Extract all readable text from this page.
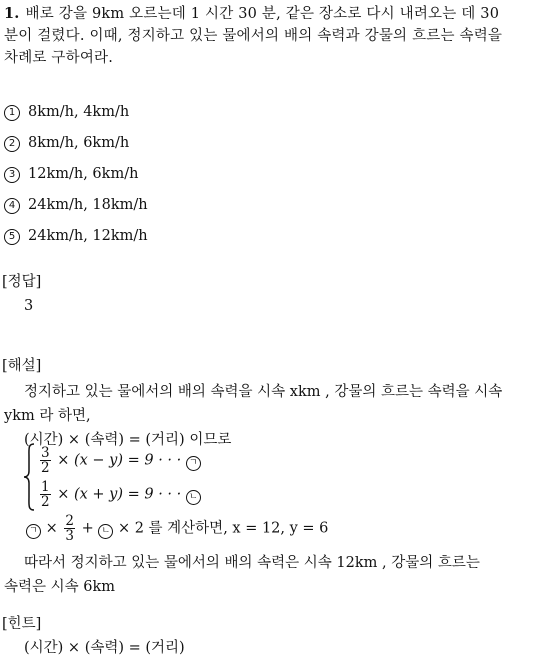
1. 배로 강을 9km 오르는데 1 시간 30 분, 같은 장소로 다시 내려오는 데 30
분이 걸렸다. 이때, 정지하고 있는 물에서의 배의 속력과 강물의 흐르는 속력을
차례로 구하여라.
1 8km/h, 4km/h
2 8km/h, 6km/h
3 12km/h, 6km/h
4 24km/h, 18km/h
5 24km/h, 12km/h
[정답]
3
[해설]
정지하고 있는 물에서의 배의 속력을 시속 xkm , 강물의 흐르는 속력을 시속
ykm 라 하면,
(시간) × (속력) = (거리) 이므로
$\frac{3}{2} \times (x - y) = 9$ · · · ㄱ
$\frac{1}{2} \times (x + y) = 9$ · · · ㄴ
ㄱ × $\frac{2}{3}$ + ㄴ × 2 를 계산하면, x = 12, y = 6
따라서 정지하고 있는 물에서의 배의 속력은 시속 12km , 강물의 흐르는
속력은 시속 6km
[힌트]
(시간) × (속력) = (거리)
